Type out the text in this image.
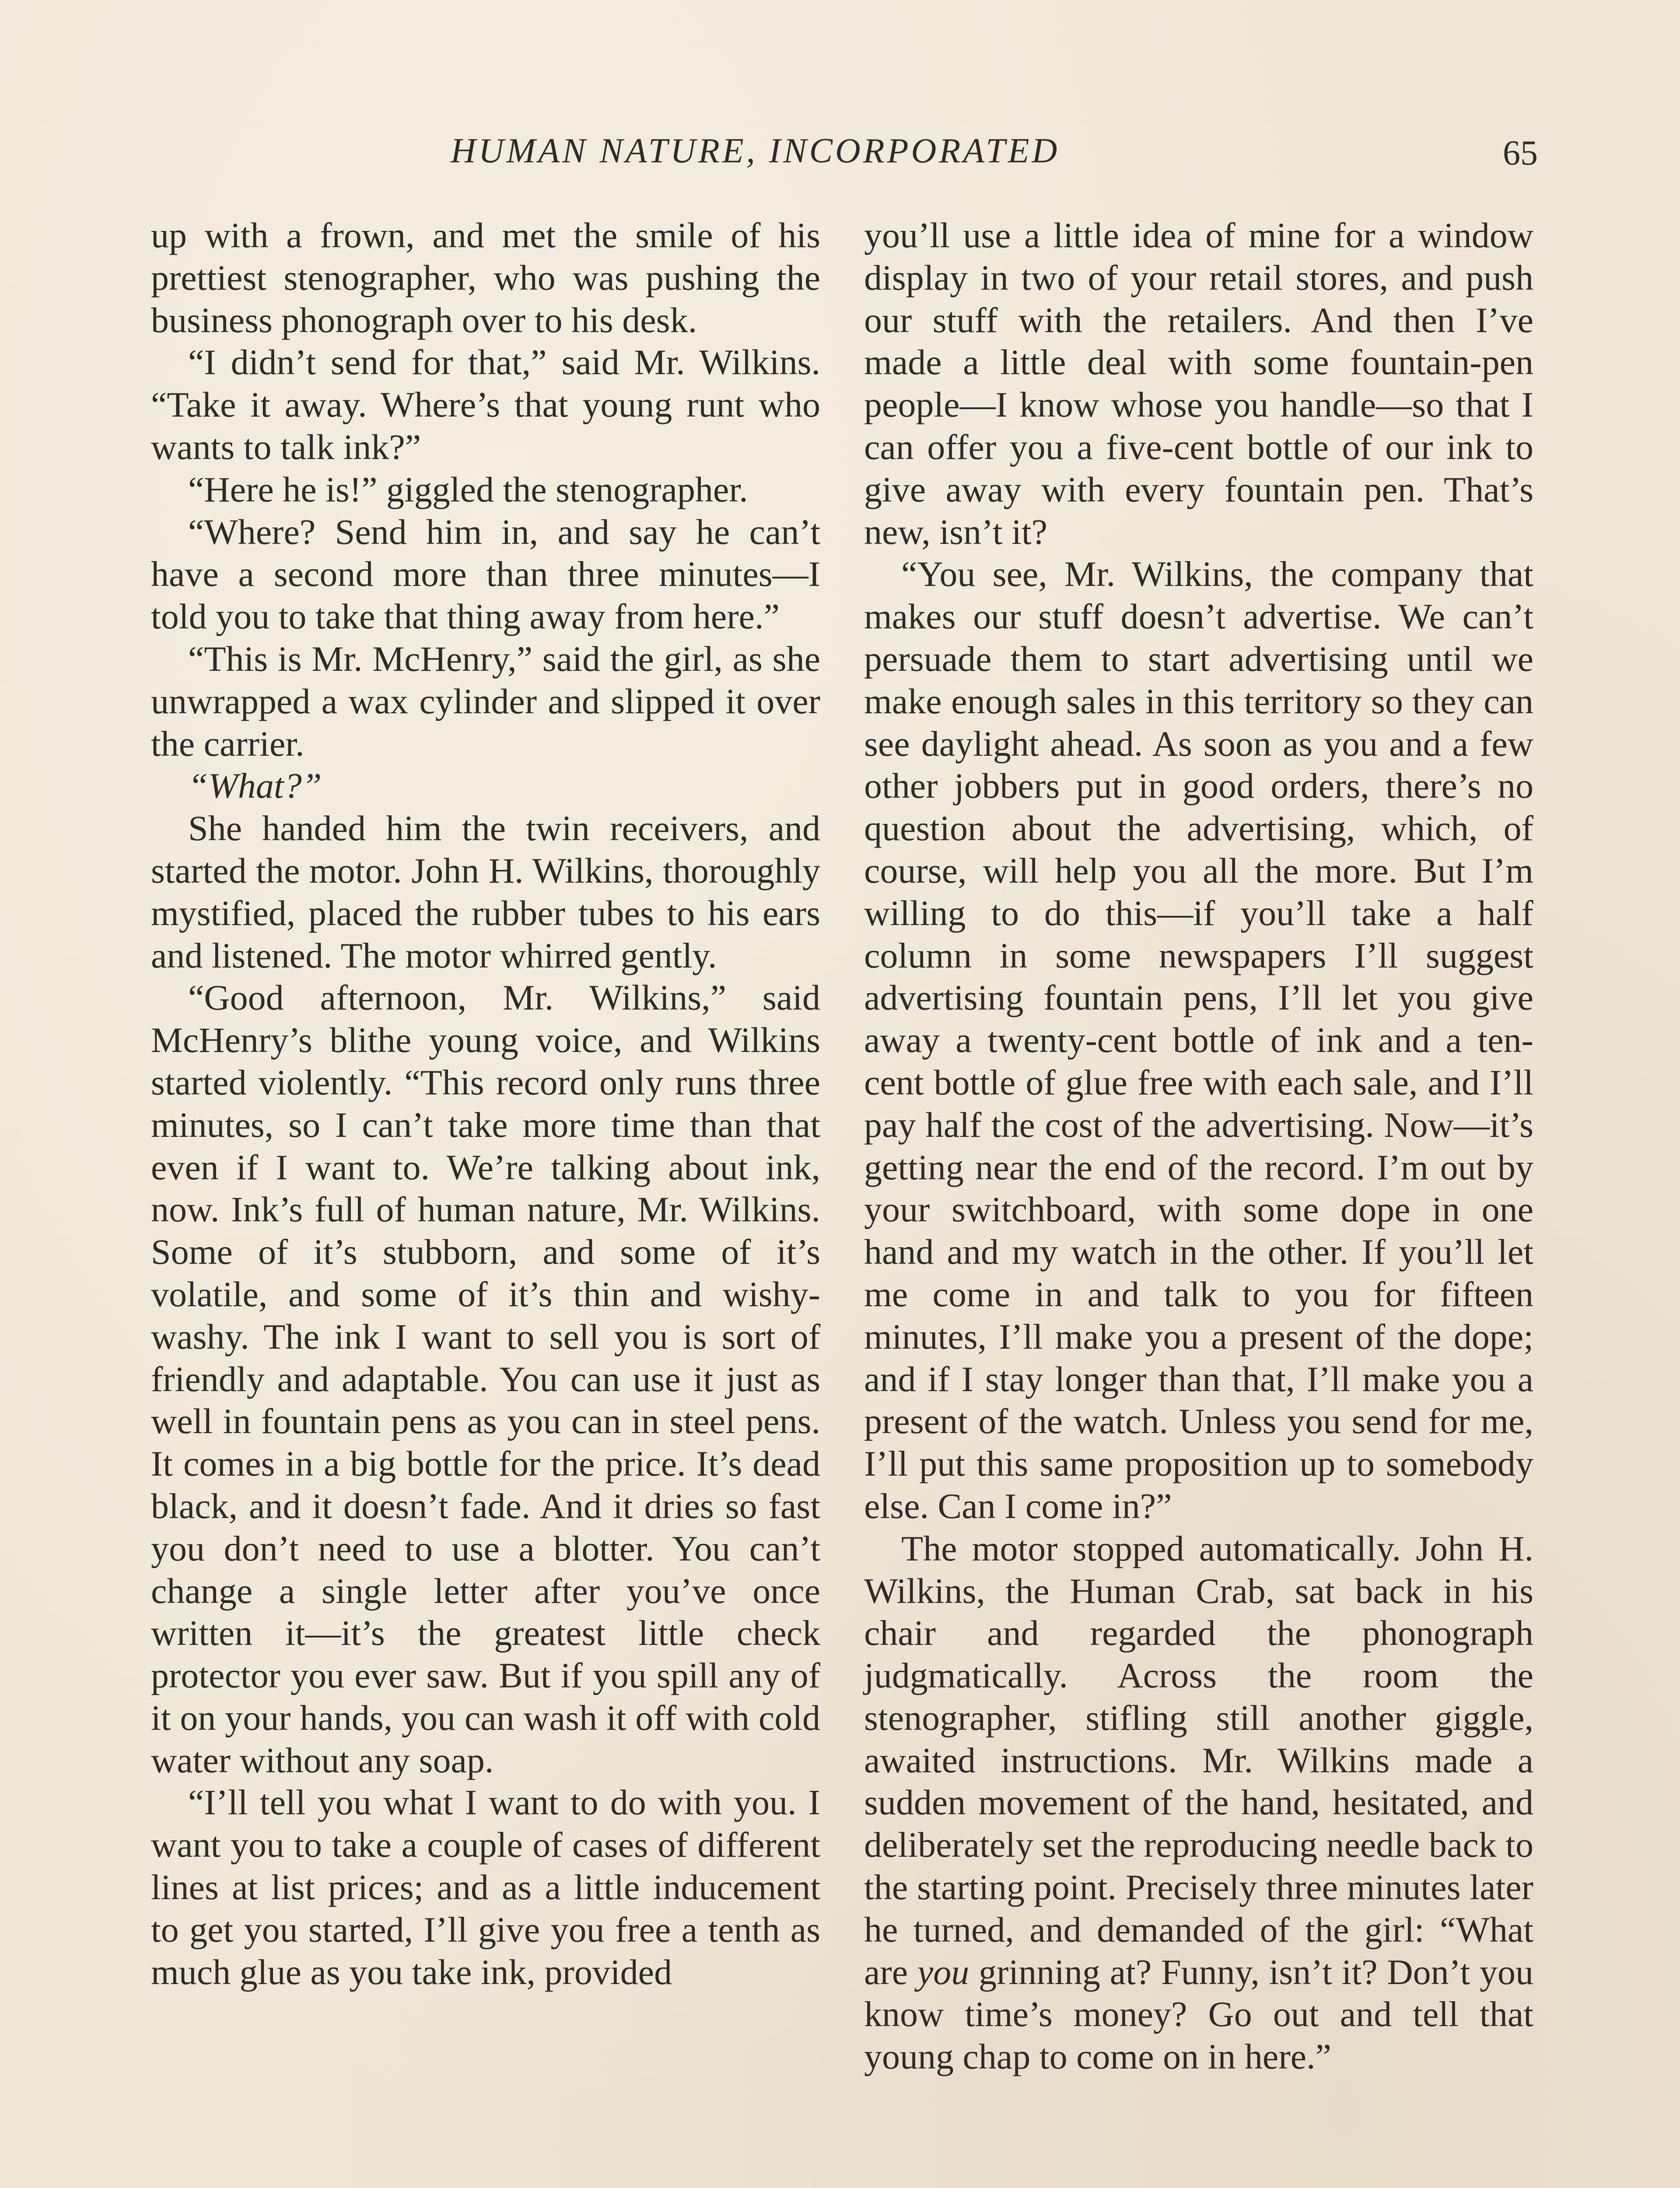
HUMAN NATURE, INCORPORATED	65

up with a frown, and met the smile of his prettiest stenographer, who was pushing the business phonograph over to his desk.

“I didn’t send for that,” said Mr. Wilkins. “Take it away. Where’s that young runt who wants to talk ink?”

“Here he is!” giggled the stenographer.

“Where? Send him in, and say he can’t have a second more than three minutes—I told you to take that thing away from here.”

“This is Mr. McHenry,” said the girl, as she unwrapped a wax cylinder and slipped it over the carrier.

“What?”

She handed him the twin receivers, and started the motor. John H. Wilkins, thoroughly mystified, placed the rubber tubes to his ears and listened. The motor whirred gently.

“Good afternoon, Mr. Wilkins,” said McHenry’s blithe young voice, and Wilkins started violently. “This record only runs three minutes, so I can’t take more time than that even if I want to. We’re talking about ink, now. Ink’s full of human nature, Mr. Wilkins. Some of it’s stubborn, and some of it’s volatile, and some of it’s thin and wishy-washy. The ink I want to sell you is sort of friendly and adaptable. You can use it just as well in fountain pens as you can in steel pens. It comes in a big bottle for the price. It’s dead black, and it doesn’t fade. And it dries so fast you don’t need to use a blotter. You can’t change a single letter after you’ve once written it—it’s the greatest little check protector you ever saw. But if you spill any of it on your hands, you can wash it off with cold water without any soap.

“I’ll tell you what I want to do with you. I want you to take a couple of cases of different lines at list prices; and as a little inducement to get you started, I’ll give you free a tenth as much glue as you take ink, provided

you’ll use a little idea of mine for a window display in two of your retail stores, and push our stuff with the retailers. And then I’ve made a little deal with some fountain-pen people—I know whose you handle—so that I can offer you a five-cent bottle of our ink to give away with every fountain pen. That’s new, isn’t it?

“You see, Mr. Wilkins, the company that makes our stuff doesn’t advertise. We can’t persuade them to start advertising until we make enough sales in this territory so they can see daylight ahead. As soon as you and a few other jobbers put in good orders, there’s no question about the advertising, which, of course, will help you all the more. But I’m willing to do this—if you’ll take a half column in some newspapers I’ll suggest advertising fountain pens, I’ll let you give away a twenty-cent bottle of ink and a ten-cent bottle of glue free with each sale, and I’ll pay half the cost of the advertising. Now—it’s getting near the end of the record. I’m out by your switchboard, with some dope in one hand and my watch in the other. If you’ll let me come in and talk to you for fifteen minutes, I’ll make you a present of the dope; and if I stay longer than that, I’ll make you a present of the watch. Unless you send for me, I’ll put this same proposition up to somebody else. Can I come in?”

The motor stopped automatically. John H. Wilkins, the Human Crab, sat back in his chair and regarded the phonograph judgmatically. Across the room the stenographer, stifling still another giggle, awaited instructions. Mr. Wilkins made a sudden movement of the hand, hesitated, and deliberately set the reproducing needle back to the starting point. Precisely three minutes later he turned, and demanded of the girl: “What are you grinning at? Funny, isn’t it? Don’t you know time’s money? Go out and tell that young chap to come on in here.”
